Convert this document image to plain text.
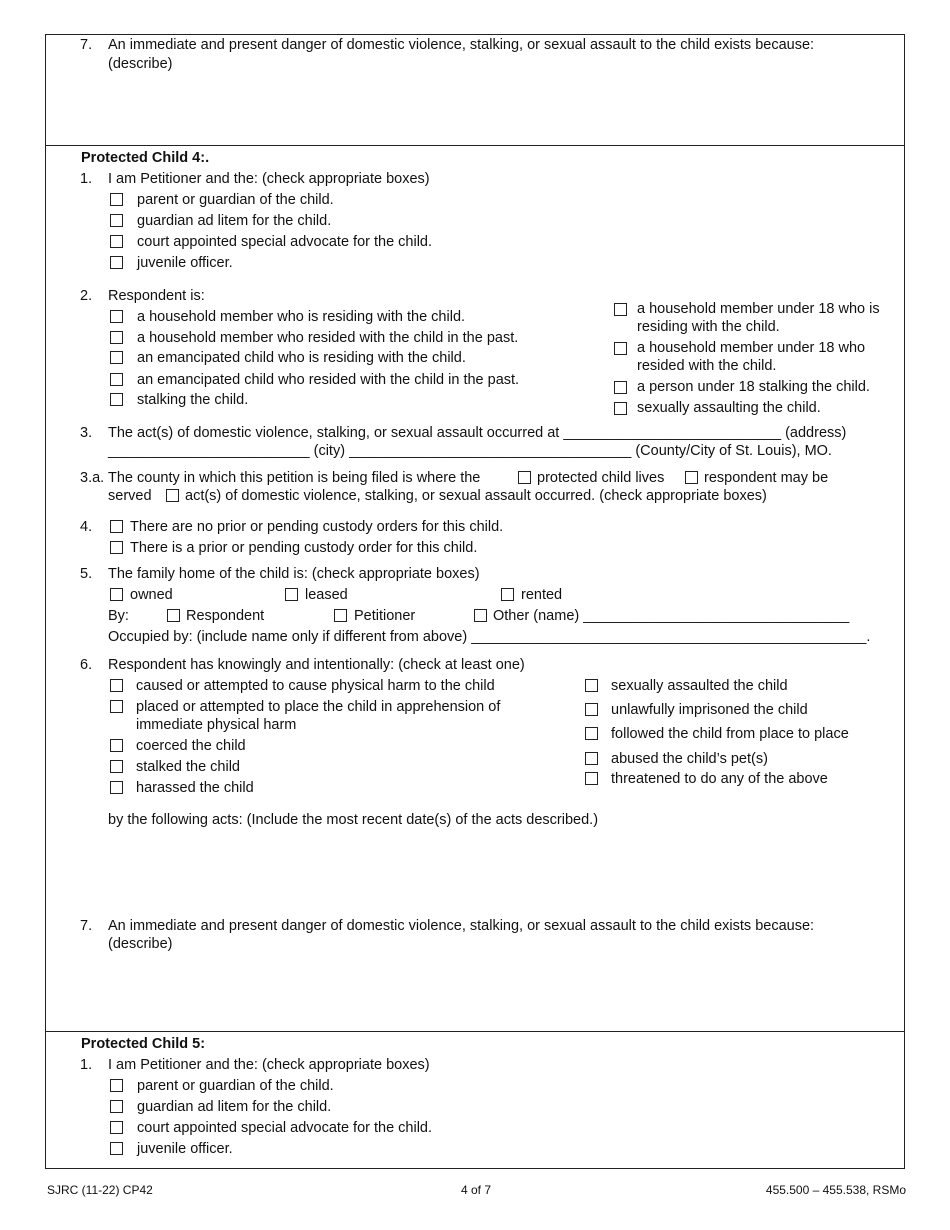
7. An immediate and present danger of domestic violence, stalking, or sexual assault to the child exists because:
(describe)
Protected Child 4:.
1. I am Petitioner and the: (check appropriate boxes)
parent or guardian of the child.
guardian ad litem for the child.
court appointed special advocate for the child.
juvenile officer.
2. Respondent is:
a household member who is residing with the child.
a household member who resided with the child in the past.
an emancipated child who is residing with the child.
an emancipated child who resided with the child in the past.
stalking the child.
a household member under 18 who is
residing with the child.
a household member under 18 who
resided with the child.
a person under 18 stalking the child.
sexually assaulting the child.
3. The act(s) of domestic violence, stalking, or sexual assault occurred at ___________________________ (address)
_________________________ (city) ___________________________________ (County/City of St. Louis), MO.
3.a. The county in which this petition is being filed is where the	protected child lives	respondent may be
served act(s) of domestic violence, stalking, or sexual assault occurred. (check appropriate boxes)
4.	There are no prior or pending custody orders for this child.
There is a prior or pending custody order for this child.
5. The family home of the child is: (check appropriate boxes)
owned	leased	rented
By:	Respondent	Petitioner	Other (name) _________________________________
Occupied by: (include name only if different from above) _________________________________________________.
6. Respondent has knowingly and intentionally: (check at least one)
caused or attempted to cause physical harm to the child
placed or attempted to place the child in apprehension of
immediate physical harm
coerced the child
stalked the child
harassed the child
sexually assaulted the child
unlawfully imprisoned the child
followed the child from place to place
abused the child’s pet(s)
threatened to do any of the above
by the following acts: (Include the most recent date(s) of the acts described.)
7. An immediate and present danger of domestic violence, stalking, or sexual assault to the child exists because:
(describe)
Protected Child 5:
1. I am Petitioner and the: (check appropriate boxes)
parent or guardian of the child.
guardian ad litem for the child.
court appointed special advocate for the child.
juvenile officer.
SJRC (11-22) CP42	4 of 7	455.500 – 455.538, RSMo
